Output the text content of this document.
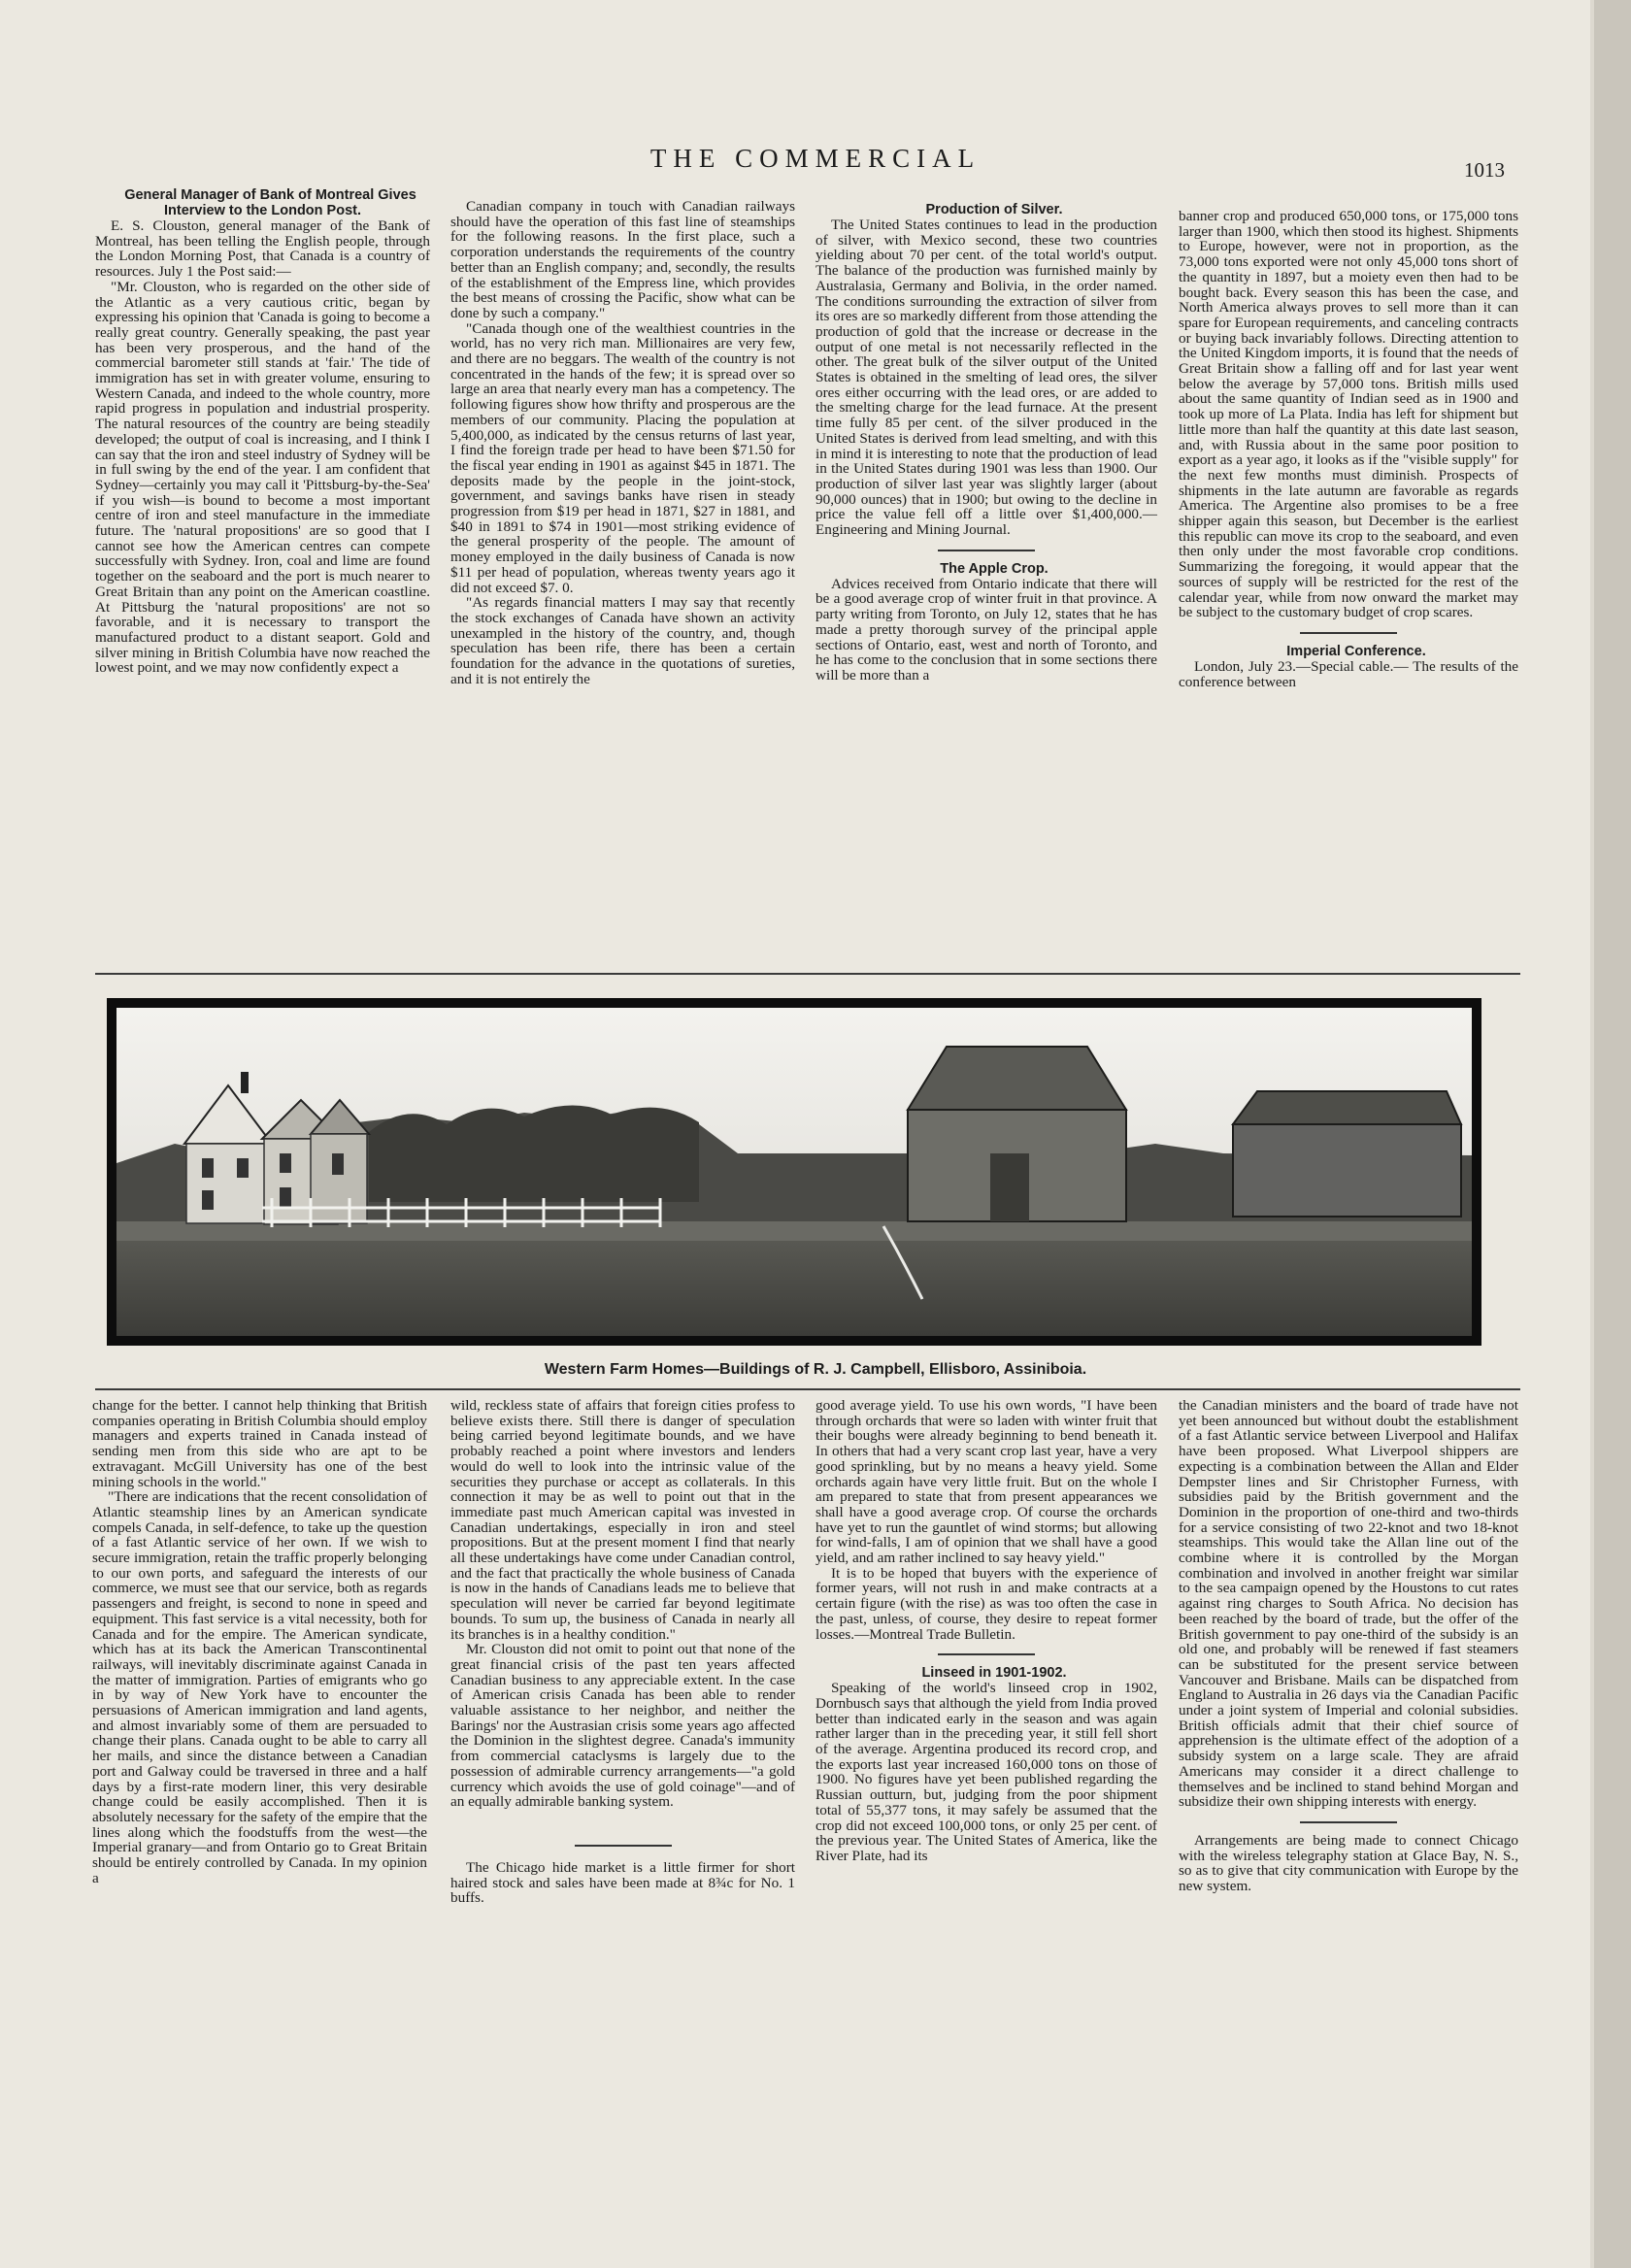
THE COMMERCIAL	1013

General Manager of Bank of Montreal Gives Interview to the London Post.

E. S. Clouston, general manager of the Bank of Montreal, has been telling the English people, through the London Morning Post, that Canada is a country of resources. July 1 the Post said:—

"Mr. Clouston, who is regarded on the other side of the Atlantic as a very cautious critic, began by expressing his opinion that 'Canada is going to become a really great country. Generally speaking, the past year has been very prosperous, and the hand of the commercial barometer still stands at 'fair.' The tide of immigration has set in with greater volume, ensuring to Western Canada, and indeed to the whole country, more rapid progress in population and industrial prosperity. The natural resources of the country are being steadily developed; the output of coal is increasing, and I think I can say that the iron and steel industry of Sydney will be in full swing by the end of the year. I am confident that Sydney—certainly you may call it 'Pittsburg-by-the-Sea' if you wish—is bound to become a most important centre of iron and steel manufacture in the immediate future. The 'natural propositions' are so good that I cannot see how the American centres can compete successfully with Sydney. Iron, coal and lime are found together on the seaboard and the port is much nearer to Great Britain than any point on the American coastline. At Pittsburg the 'natural propositions' are not so favorable, and it is necessary to transport the manufactured product to a distant seaport. Gold and silver mining in British Columbia have now reached the lowest point, and we may now confidently expect a

Canadian company in touch with Canadian railways should have the operation of this fast line of steamships for the following reasons. In the first place, such a corporation understands the requirements of the country better than an English company; and, secondly, the results of the establishment of the Empress line, which provides the best means of crossing the Pacific, show what can be done by such a company."

"Canada though one of the wealthiest countries in the world, has no very rich man. Millionaires are very few, and there are no beggars. The wealth of the country is not concentrated in the hands of the few; it is spread over so large an area that nearly every man has a competency. The following figures show how thrifty and prosperous are the members of our community. Placing the population at 5,400,000, as indicated by the census returns of last year, I find the foreign trade per head to have been $71.50 for the fiscal year ending in 1901 as against $45 in 1871. The deposits made by the people in the joint-stock, government, and savings banks have risen in steady progression from $19 per head in 1871, $27 in 1881, and $40 in 1891 to $74 in 1901—most striking evidence of the general prosperity of the people. The amount of money employed in the daily business of Canada is now $11 per head of population, whereas twenty years ago it did not exceed $7. 0.

"As regards financial matters I may say that recently the stock exchanges of Canada have shown an activity unexampled in the history of the country, and, though speculation has been rife, there has been a certain foundation for the advance in the quotations of sureties, and it is not entirely the

Production of Silver.

The United States continues to lead in the production of silver, with Mexico second, these two countries yielding about 70 per cent. of the total world's output. The balance of the production was furnished mainly by Australasia, Germany and Bolivia, in the order named. The conditions surrounding the extraction of silver from its ores are so markedly different from those attending the production of gold that the increase or decrease in the output of one metal is not necessarily reflected in the other. The great bulk of the silver output of the United States is obtained in the smelting of lead ores, the silver ores either occurring with the lead ores, or are added to the smelting charge for the lead furnace. At the present time fully 85 per cent. of the silver produced in the United States is derived from lead smelting, and with this in mind it is interesting to note that the production of lead in the United States during 1901 was less than 1900. Our production of silver last year was slightly larger (about 90,000 ounces) that in 1900; but owing to the decline in price the value fell off a little over $1,400,000.—Engineering and Mining Journal.

The Apple Crop.

Advices received from Ontario indicate that there will be a good average crop of winter fruit in that province. A party writing from Toronto, on July 12, states that he has made a pretty thorough survey of the principal apple sections of Ontario, east, west and north of Toronto, and he has come to the conclusion that in some sections there will be more than a

banner crop and produced 650,000 tons, or 175,000 tons larger than 1900, which then stood its highest. Shipments to Europe, however, were not in proportion, as the 73,000 tons exported were not only 45,000 tons short of the quantity in 1897, but a moiety even then had to be bought back. Every season this has been the case, and North America always proves to sell more than it can spare for European requirements, and canceling contracts or buying back invariably follows. Directing attention to the United Kingdom imports, it is found that the needs of Great Britain show a falling off and for last year went below the average by 57,000 tons. British mills used about the same quantity of Indian seed as in 1900 and took up more of La Plata. India has left for shipment but little more than half the quantity at this date last season, and, with Russia about in the same poor position to export as a year ago, it looks as if the "visible supply" for the next few months must diminish. Prospects of shipments in the late autumn are favorable as regards America. The Argentine also promises to be a free shipper again this season, but December is the earliest this republic can move its crop to the seaboard, and even then only under the most favorable crop conditions. Summarizing the foregoing, it would appear that the sources of supply will be restricted for the rest of the calendar year, while from now onward the market may be subject to the customary budget of crop scares.

Imperial Conference.

London, July 23.—Special cable.— The results of the conference between

Western Farm Homes—Buildings of R. J. Campbell, Ellisboro, Assiniboia.

change for the better. I cannot help thinking that British companies operating in British Columbia should employ managers and experts trained in Canada instead of sending men from this side who are apt to be extravagant. McGill University has one of the best mining schools in the world."

"There are indications that the recent consolidation of Atlantic steamship lines by an American syndicate compels Canada, in self-defence, to take up the question of a fast Atlantic service of her own. If we wish to secure immigration, retain the traffic properly belonging to our own ports, and safeguard the interests of our commerce, we must see that our service, both as regards passengers and freight, is second to none in speed and equipment. This fast service is a vital necessity, both for Canada and for the empire. The American syndicate, which has at its back the American Transcontinental railways, will inevitably discriminate against Canada in the matter of immigration. Parties of emigrants who go in by way of New York have to encounter the persuasions of American immigration and land agents, and almost invariably some of them are persuaded to change their plans. Canada ought to be able to carry all her mails, and since the distance between a Canadian port and Galway could be traversed in three and a half days by a first-rate modern liner, this very desirable change could be easily accomplished. Then it is absolutely necessary for the safety of the empire that the lines along which the foodstuffs from the west—the Imperial granary—and from Ontario go to Great Britain should be entirely controlled by Canada. In my opinion a

wild, reckless state of affairs that foreign cities profess to believe exists there. Still there is danger of speculation being carried beyond legitimate bounds, and we have probably reached a point where investors and lenders would do well to look into the intrinsic value of the securities they purchase or accept as collaterals. In this connection it may be as well to point out that in the immediate past much American capital was invested in Canadian undertakings, especially in iron and steel propositions. But at the present moment I find that nearly all these undertakings have come under Canadian control, and the fact that practically the whole business of Canada is now in the hands of Canadians leads me to believe that speculation will never be carried far beyond legitimate bounds. To sum up, the business of Canada in nearly all its branches is in a healthy condition."

Mr. Clouston did not omit to point out that none of the great financial crisis of the past ten years affected Canadian business to any appreciable extent. In the case of American crisis Canada has been able to render valuable assistance to her neighbor, and neither the Barings' nor the Austrasian crisis some years ago affected the Dominion in the slightest degree. Canada's immunity from commercial cataclysms is largely due to the possession of admirable currency arrangements—"a gold currency which avoids the use of gold coinage"—and of an equally admirable banking system.

The Chicago hide market is a little firmer for short haired stock and sales have been made at 8¾c for No. 1 buffs.

good average yield. To use his own words, "I have been through orchards that were so laden with winter fruit that their boughs were already beginning to bend beneath it. In others that had a very scant crop last year, have a very good sprinkling, but by no means a heavy yield. Some orchards again have very little fruit. But on the whole I am prepared to state that from present appearances we shall have a good average crop. Of course the orchards have yet to run the gauntlet of wind storms; but allowing for wind-falls, I am of opinion that we shall have a good yield, and am rather inclined to say heavy yield."

It is to be hoped that buyers with the experience of former years, will not rush in and make contracts at a certain figure (with the rise) as was too often the case in the past, unless, of course, they desire to repeat former losses.—Montreal Trade Bulletin.

Linseed in 1901-1902.

Speaking of the world's linseed crop in 1902, Dornbusch says that although the yield from India proved better than indicated early in the season and was again rather larger than in the preceding year, it still fell short of the average. Argentina produced its record crop, and the exports last year increased 160,000 tons on those of 1900. No figures have yet been published regarding the Russian outturn, but, judging from the poor shipment total of 55,377 tons, it may safely be assumed that the crop did not exceed 100,000 tons, or only 25 per cent. of the previous year. The United States of America, like the River Plate, had its

the Canadian ministers and the board of trade have not yet been announced but without doubt the establishment of a fast Atlantic service between Liverpool and Halifax have been proposed. What Liverpool shippers are expecting is a combination between the Allan and Elder Dempster lines and Sir Christopher Furness, with subsidies paid by the British government and the Dominion in the proportion of one-third and two-thirds for a service consisting of two 22-knot and two 18-knot steamships. This would take the Allan line out of the combine where it is controlled by the Morgan combination and involved in another freight war similar to the sea campaign opened by the Houstons to cut rates against ring charges to South Africa. No decision has been reached by the board of trade, but the offer of the British government to pay one-third of the subsidy is an old one, and probably will be renewed if fast steamers can be substituted for the present service between Vancouver and Brisbane. Mails can be dispatched from England to Australia in 26 days via the Canadian Pacific under a joint system of Imperial and colonial subsidies. British officials admit that their chief source of apprehension is the ultimate effect of the adoption of a subsidy system on a large scale. They are afraid Americans may consider it a direct challenge to themselves and be inclined to stand behind Morgan and subsidize their own shipping interests with energy.

Arrangements are being made to connect Chicago with the wireless telegraphy station at Glace Bay, N. S., so as to give that city communication with Europe by the new system.
